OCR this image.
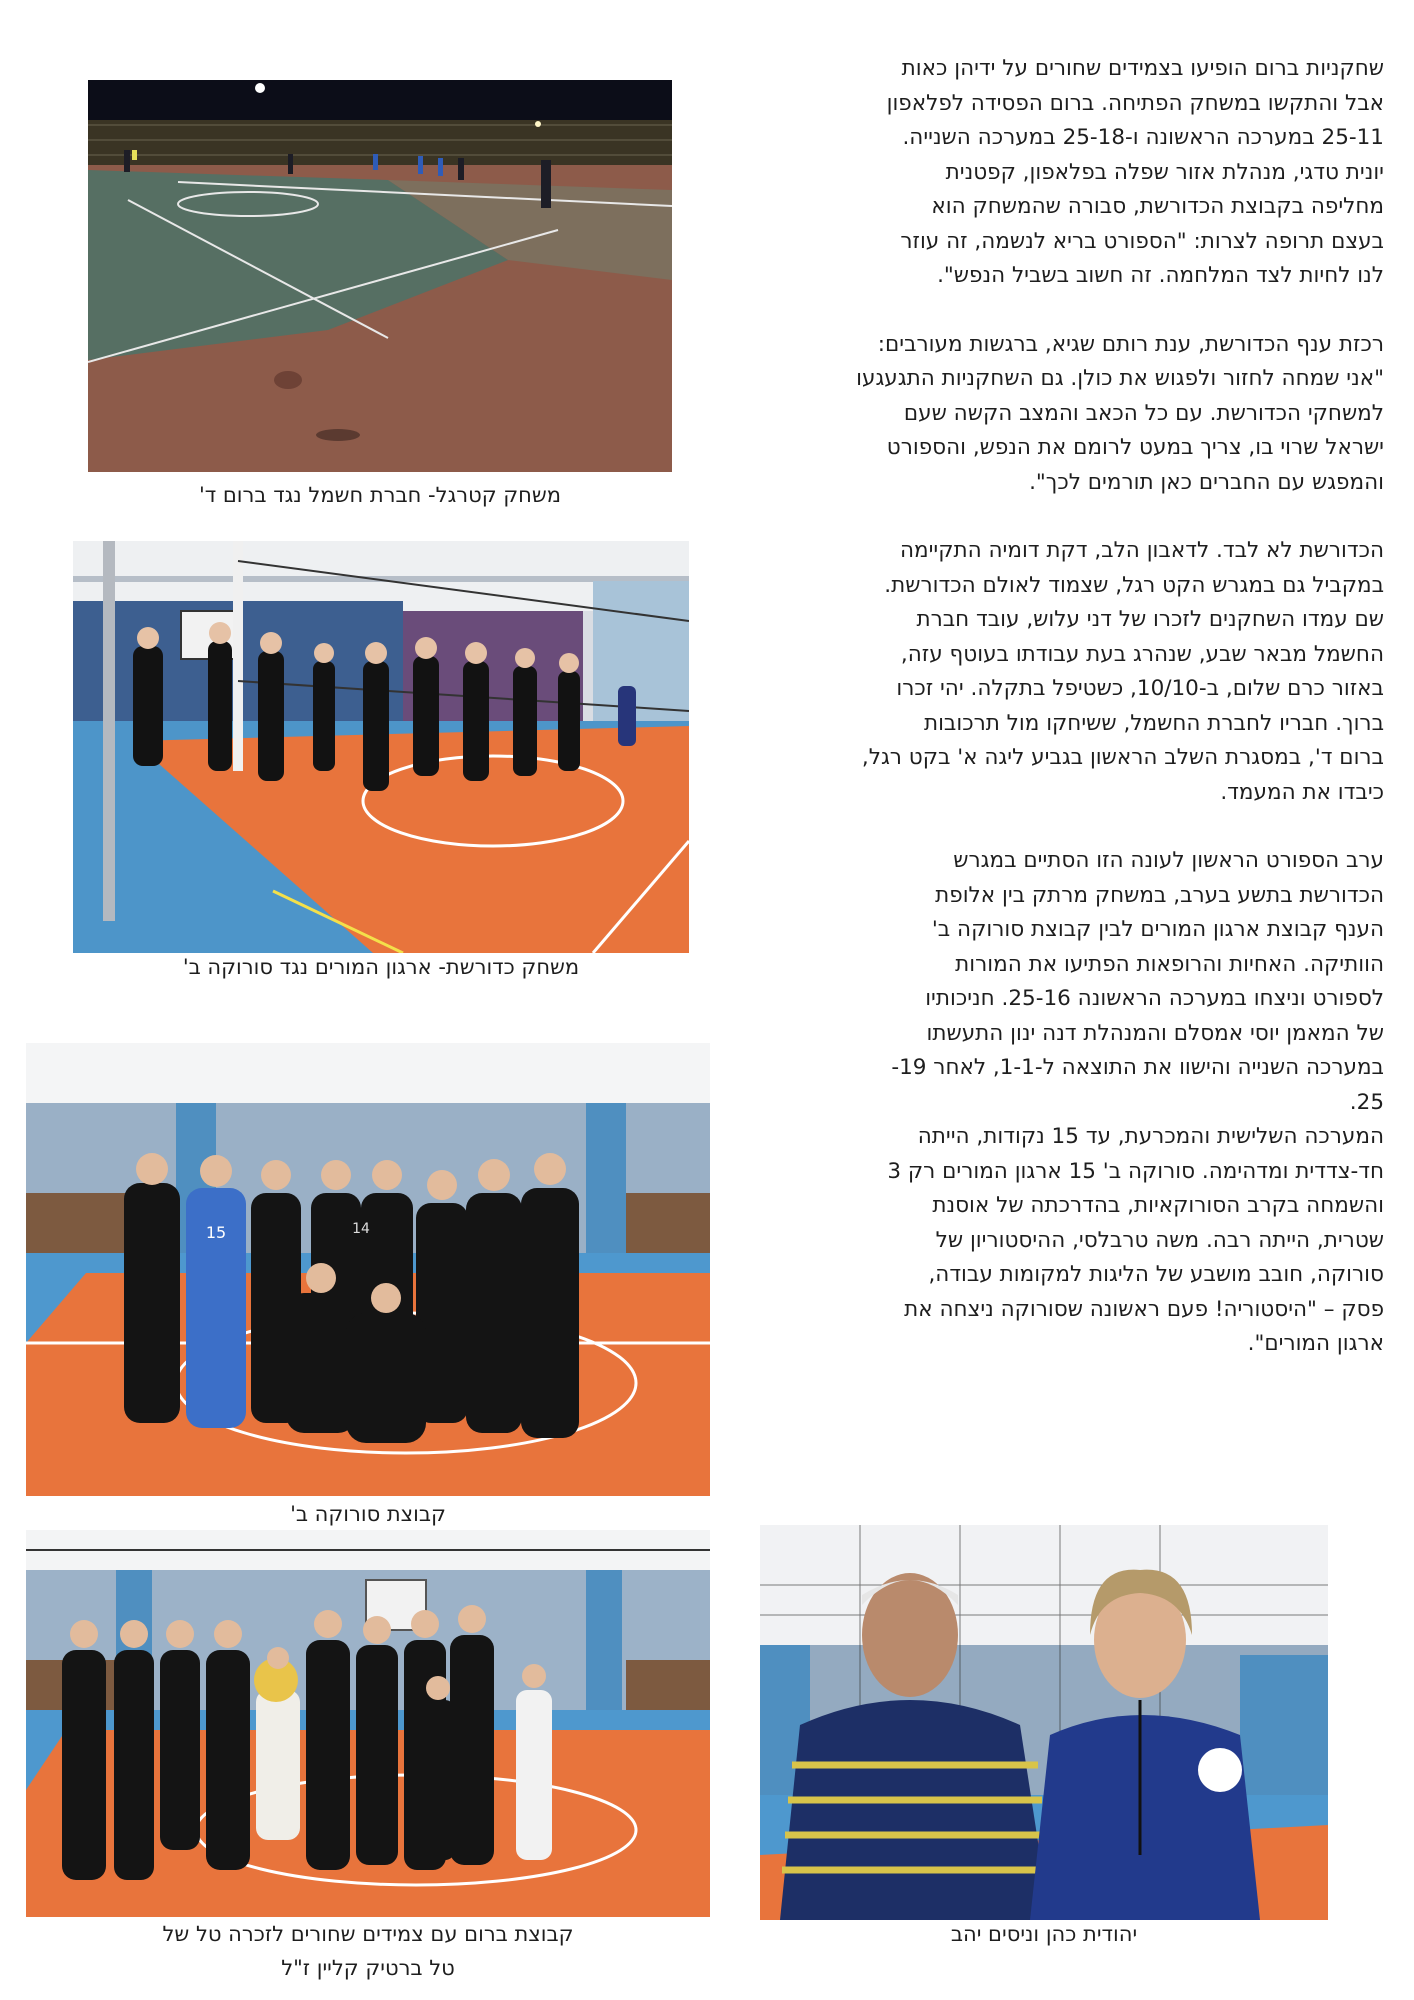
שחקניות ברום הופיעו בצמידים שחורים על ידיהן כאות
אבל והתקשו במשחק הפתיחה. ברום הפסידה לפלאפון
25-11 במערכה הראשונה ו-25-18 במערכה השנייה.
יונית טדגי, מנהלת אזור שפלה בפלאפון, קפטנית
מחליפה בקבוצת הכדורשת, סבורה שהמשחק הוא
בעצם תרופה לצרות: "הספורט בריא לנשמה, זה עוזר
לנו לחיות לצד המלחמה. זה חשוב בשביל הנפש".

רכזת ענף הכדורשת, ענת רותם שגיא, ברגשות מעורבים:
"אני שמחה לחזור ולפגוש את כולן. גם השחקניות התגעגעו
למשחקי הכדורשת. עם כל הכאב והמצב הקשה שעם
ישראל שרוי בו, צריך במעט לרומם את הנפש, והספורט
והמפגש עם החברים כאן תורמים לכך".

הכדורשת לא לבד. לדאבון הלב, דקת דומיה התקיימה
במקביל גם במגרש הקט רגל, שצמוד לאולם הכדורשת.
שם עמדו השחקנים לזכרו של דני עלוש, עובד חברת
החשמל מבאר שבע, שנהרג בעת עבודתו בעוטף עזה,
באזור כרם שלום, ב-10/10, כשטיפל בתקלה. יהי זכרו
ברוך. חבריו לחברת החשמל, ששיחקו מול תרכובות
ברום ד', במסגרת השלב הראשון בגביע ליגה א' בקט רגל,
כיבדו את המעמד.

ערב הספורט הראשון לעונה הזו הסתיים במגרש
הכדורשת בתשע בערב, במשחק מרתק בין אלופת
הענף קבוצת ארגון המורים לבין קבוצת סורוקה ב'
הוותיקה. האחיות והרופאות הפתיעו את המורות
לספורט וניצחו במערכה הראשונה 25-16. חניכותיו
של המאמן יוסי אמסלם והמנהלת דנה ינון התעשתו
במערכה השנייה והישוו את התוצאה ל-1-1, לאחר 19-
25.

המערכה השלישית והמכרעת, עד 15 נקודות, הייתה
חד-צדדית ומדהימה. סורוקה ב' 15 ארגון המורים רק 3
והשמחה בקרב הסורוקאיות, בהדרכתה של אוסנת
שטרית, הייתה רבה. משה טרבלסי, ההיסטוריון של
סורוקה, חובב מושבע של הליגות למקומות עבודה,
פסק – "היסטוריה! פעם ראשונה שסורוקה ניצחה את
ארגון המורים".

משחק קטרגל- חברת חשמל נגד ברום ד'
משחק כדורשת- ארגון המורים נגד סורוקה ב'
15	14
קבוצת סורוקה ב'
קבוצת ברום עם צמידים שחורים לזכרה טל של
טל ברטיק קליין ז"ל
יהודית כהן וניסים יהב
